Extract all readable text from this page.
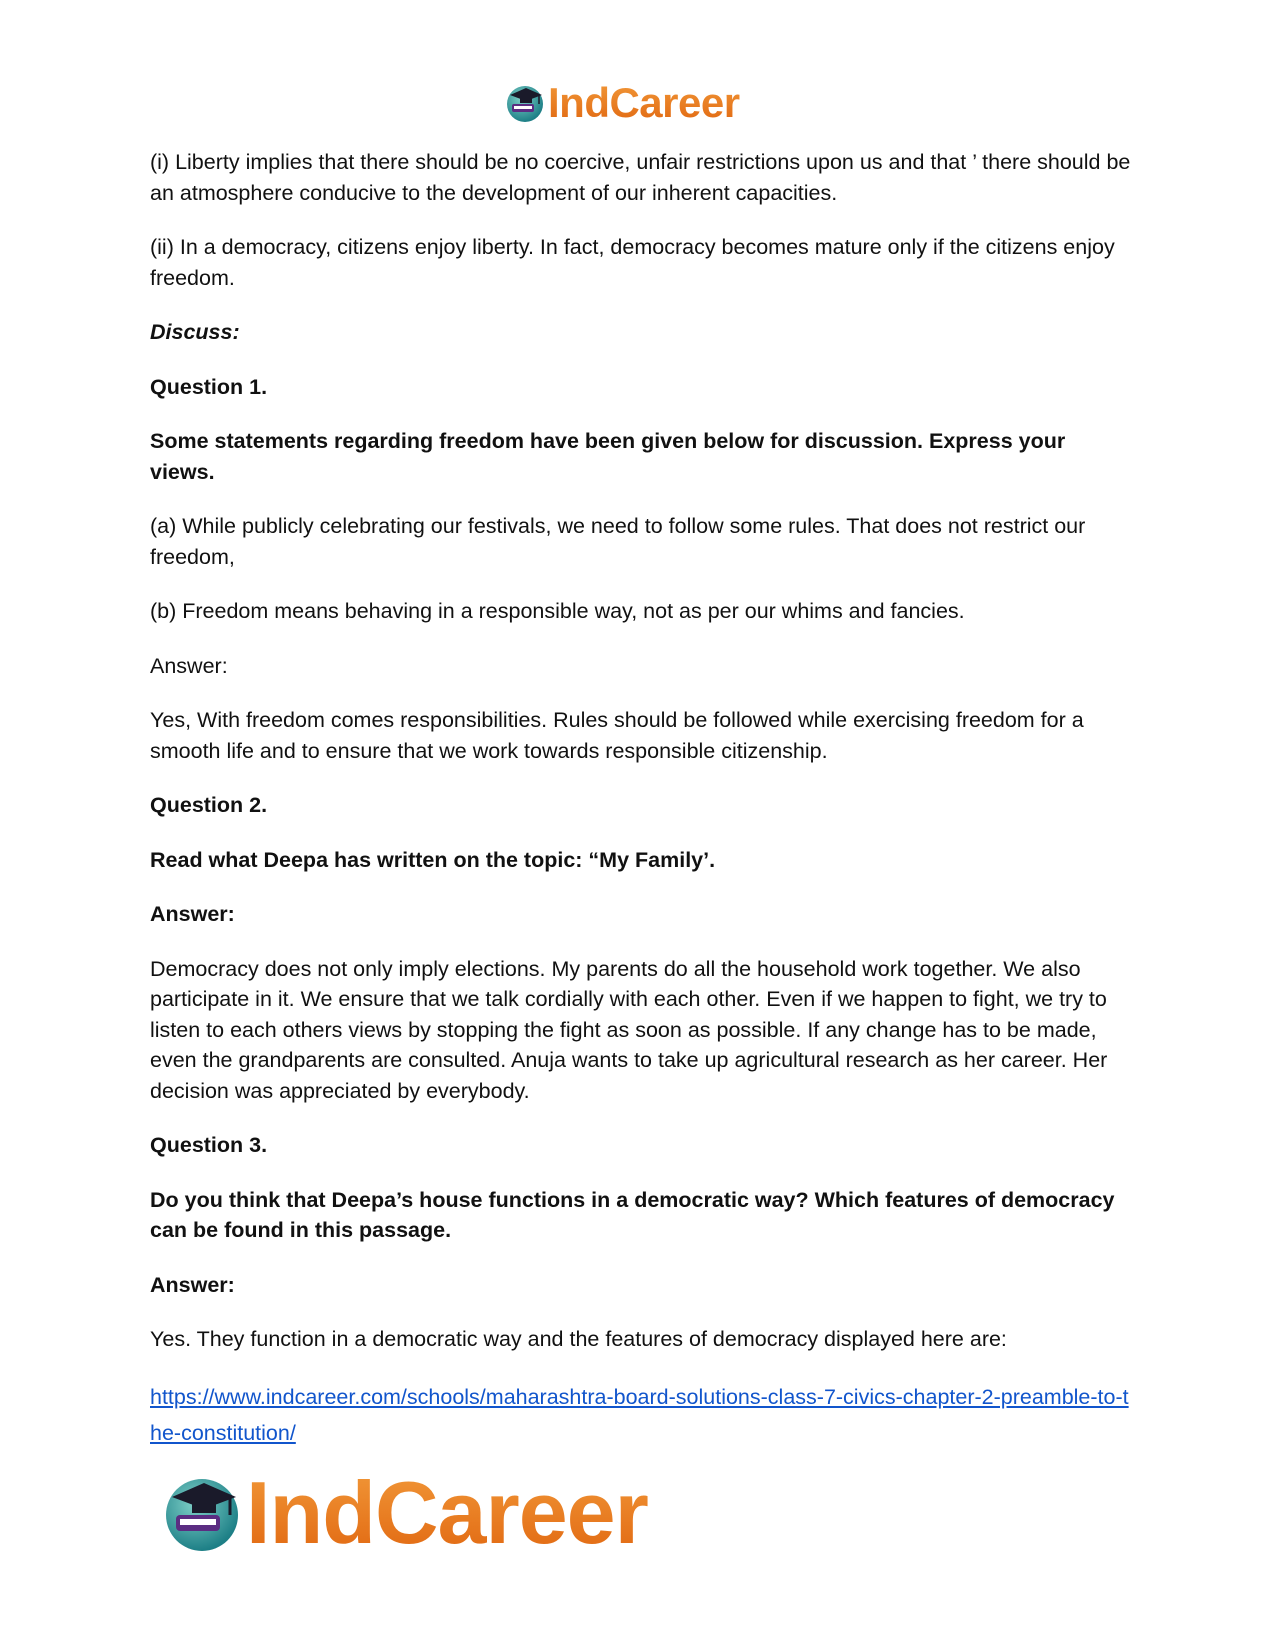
IndCareer

(i) Liberty implies that there should be no coercive, unfair restrictions upon us and that ’ there should be an atmosphere conducive to the development of our inherent capacities.

(ii) In a democracy, citizens enjoy liberty. In fact, democracy becomes mature only if the citizens enjoy freedom.

Discuss:

Question 1.

Some statements regarding freedom have been given below for discussion. Express your views.

(a) While publicly celebrating our festivals, we need to follow some rules. That does not restrict our freedom,

(b) Freedom means behaving in a responsible way, not as per our whims and fancies.

Answer:

Yes, With freedom comes responsibilities. Rules should be followed while exercising freedom for a smooth life and to ensure that we work towards responsible citizenship.

Question 2.

Read what Deepa has written on the topic: “My Family’.

Answer:

Democracy does not only imply elections. My parents do all the household work together. We also participate in it. We ensure that we talk cordially with each other. Even if we happen to fight, we try to listen to each others views by stopping the fight as soon as possible. If any change has to be made, even the grandparents are consulted. Anuja wants to take up agricultural research as her career. Her decision was appreciated by everybody.

Question 3.

Do you think that Deepa’s house functions in a democratic way? Which features of democracy can be found in this passage.

Answer:

Yes. They function in a democratic way and the features of democracy displayed here are:

https://www.indcareer.com/schools/maharashtra-board-solutions-class-7-civics-chapter-2-preamble-to-the-constitution/
IndCareer
